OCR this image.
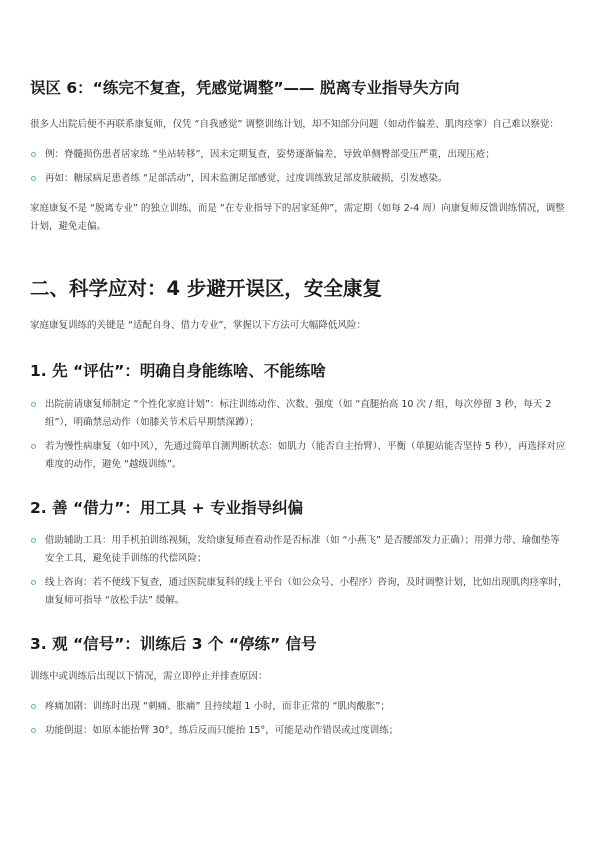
误区 6：“练完不复查，凭感觉调整”—— 脱离专业指导失方向

很多人出院后便不再联系康复师，仅凭 “自我感觉” 调整训练计划，却不知部分问题（如动作偏差、肌肉痉挛）自己难以察觉：

例：脊髓损伤患者居家练 “坐站转移”，因未定期复查，姿势逐渐偏差，导致单侧臀部受压严重，出现压疮；
再如：糖尿病足患者练 “足部活动”，因未监测足部感觉，过度训练致足部皮肤破损，引发感染。

家庭康复不是 “脱离专业” 的独立训练，而是 “在专业指导下的居家延伸”，需定期（如每 2-4 周）向康复师反馈训练情况，调整计划，避免走偏。

二、科学应对：4 步避开误区，安全康复

家庭康复训练的关键是 “适配自身、借力专业”，掌握以下方法可大幅降低风险：

1. 先 “评估”：明确自身能练啥、不能练啥
出院前请康复师制定 “个性化家庭计划”：标注训练动作、次数、强度（如 “直腿抬高 10 次 / 组，每次停留 3 秒，每天 2 组”），明确禁忌动作（如膝关节术后早期禁深蹲）；
若为慢性病康复（如中风），先通过简单自测判断状态：如肌力（能否自主抬臂）、平衡（单腿站能否坚持 5 秒），再选择对应难度的动作，避免 “越级训练”。
2. 善 “借力”：用工具 + 专业指导纠偏
借助辅助工具：用手机拍训练视频，发给康复师查看动作是否标准（如 “小燕飞” 是否腰部发力正确）；用弹力带、瑜伽垫等安全工具，避免徒手训练的代偿风险；
线上咨询：若不便线下复查，通过医院康复科的线上平台（如公众号、小程序）咨询，及时调整计划，比如出现肌肉痉挛时，康复师可指导 “放松手法” 缓解。
3. 观 “信号”：训练后 3 个 “停练” 信号

训练中或训练后出现以下情况，需立即停止并排查原因：

疼痛加剧：训练时出现 “刺痛、胀痛” 且持续超 1 小时，而非正常的 “肌肉酸胀”；
功能倒退：如原本能抬臂 30°，练后反而只能抬 15°，可能是动作错误或过度训练；
